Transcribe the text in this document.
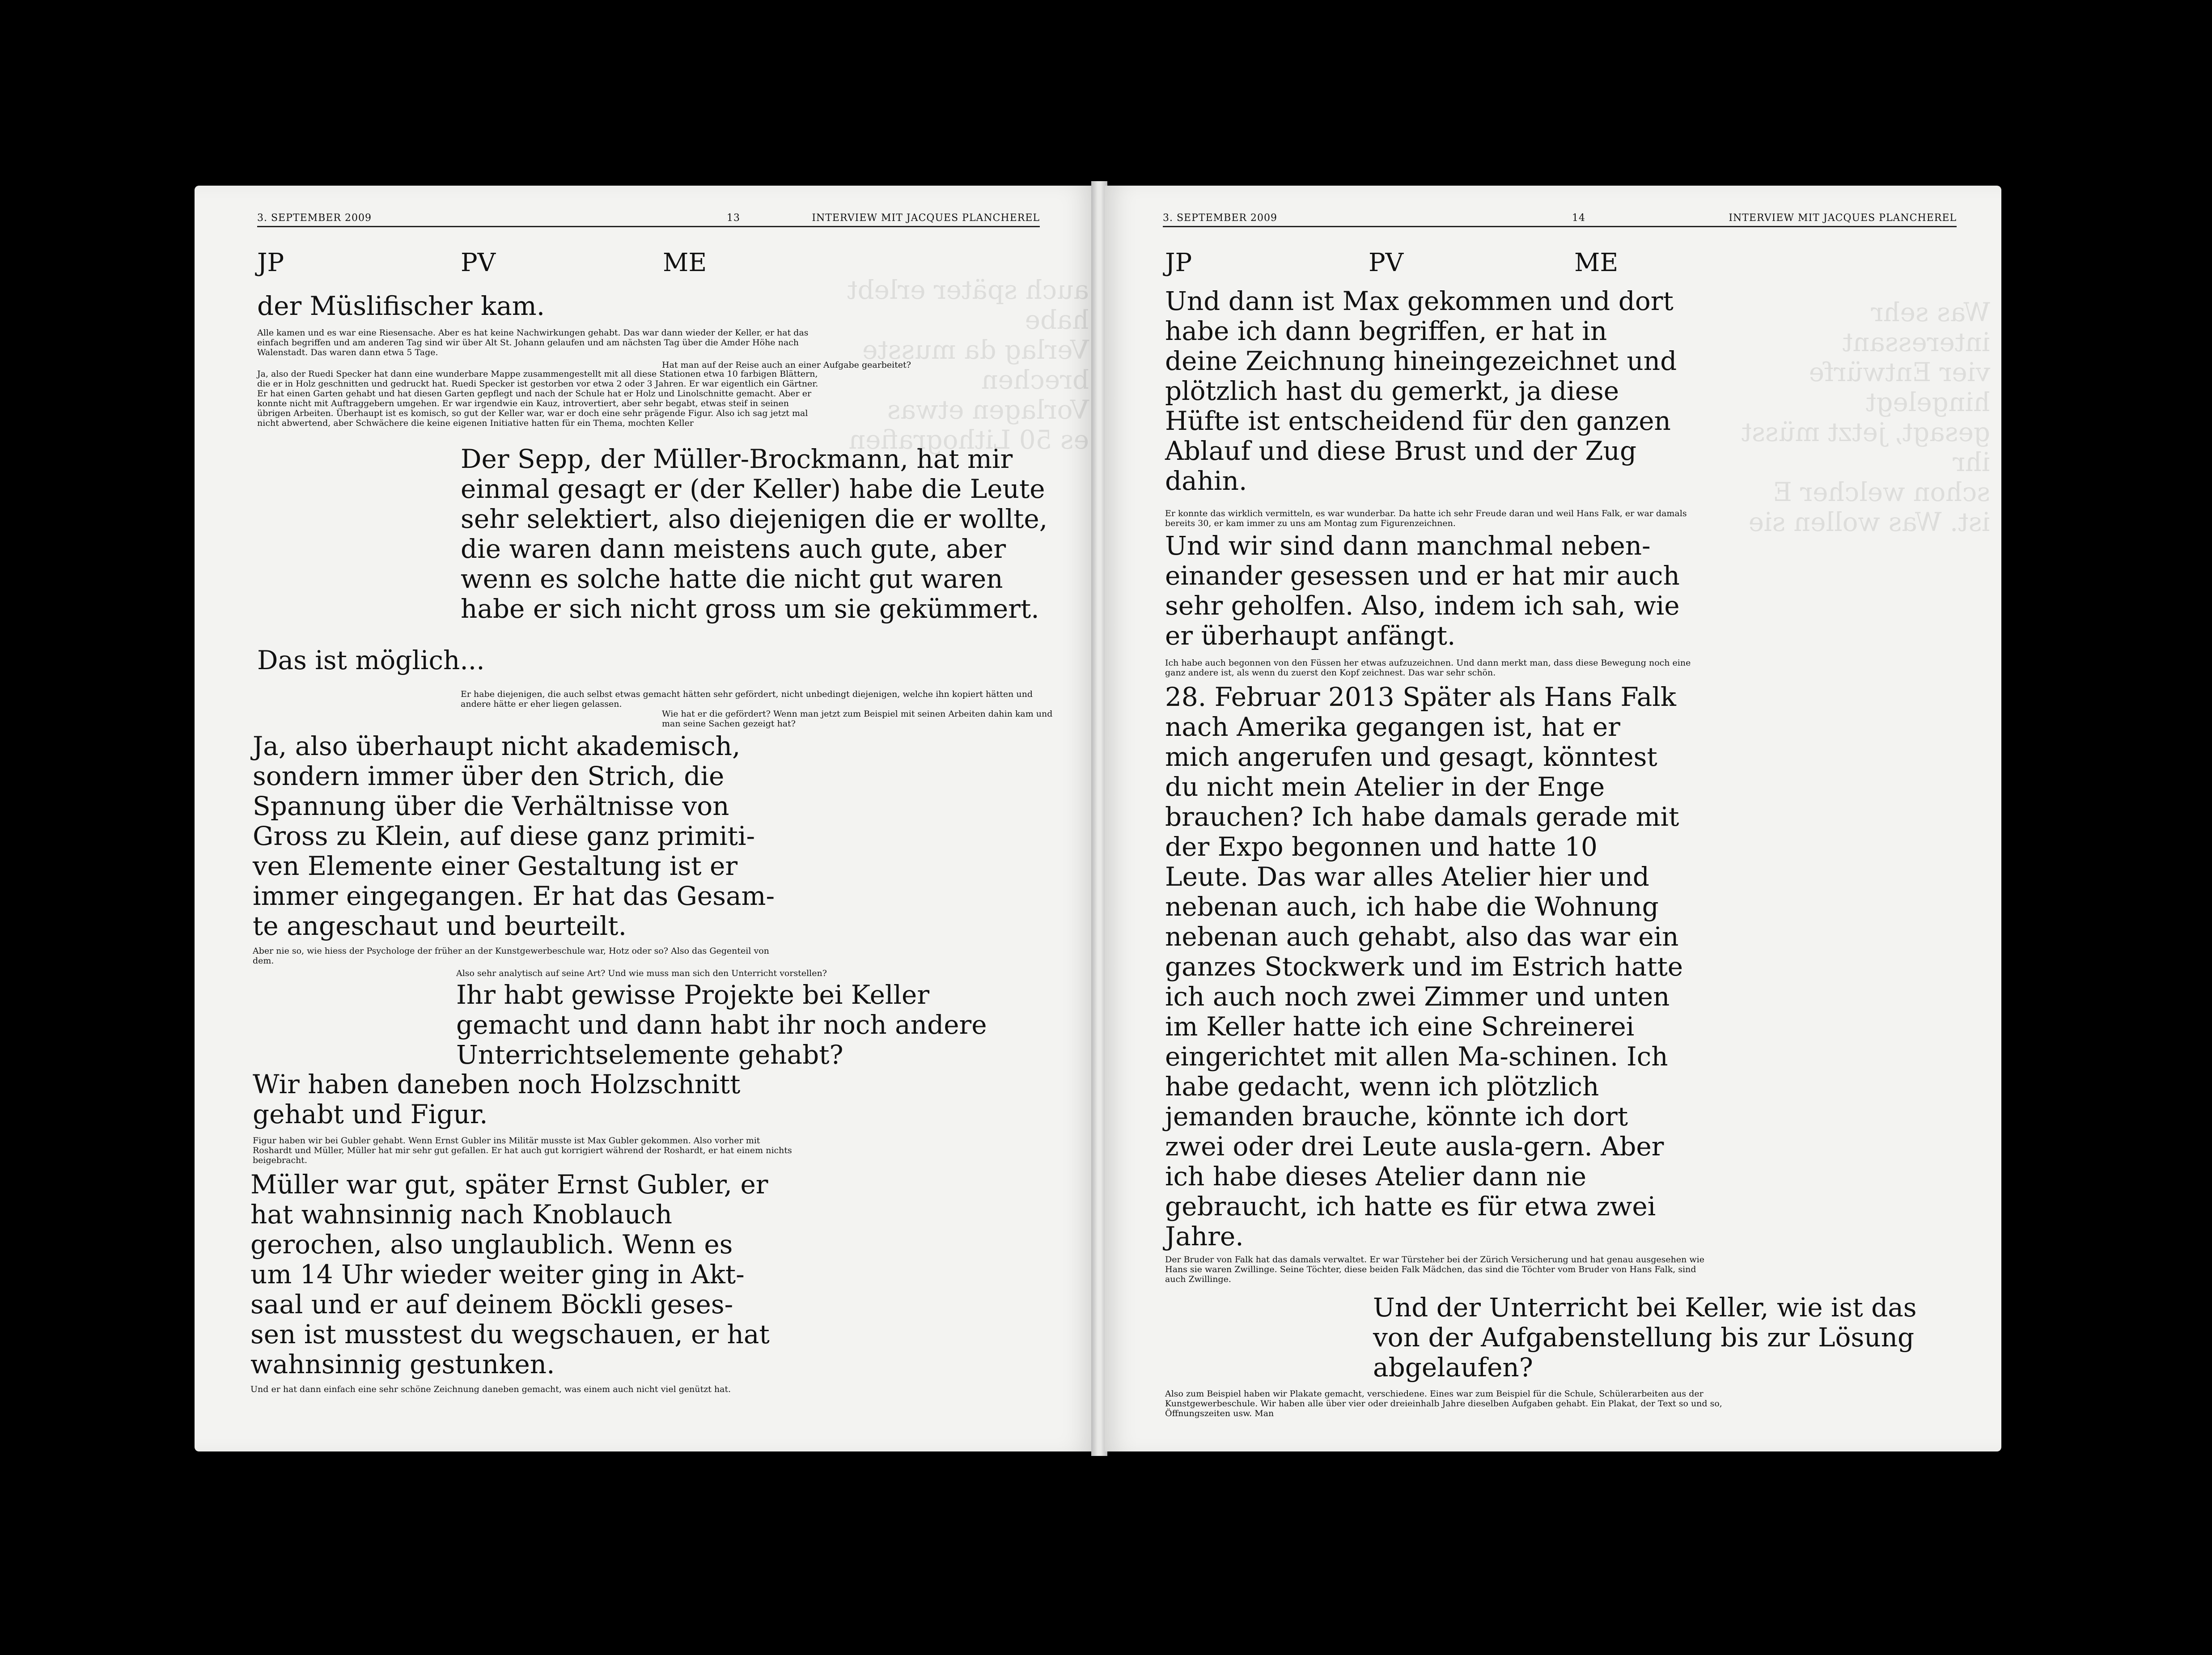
auch später erlebt habe
Verlag da musste
brechen
Vorlagen etwas
es 50 Lithografien

3. SEPTEMBER 2009	13	INTERVIEW MIT JACQUES PLANCHEREL
JP	PV	ME

der Müslifischer kam.

Alle kamen und es war eine Riesensache. Aber es hat keine Nachwirkungen gehabt. Das war dann wieder der Keller, er hat das einfach begriffen und am anderen Tag sind wir über Alt St. Johann gelaufen und am nächsten Tag über die Amder Höhe nach Walenstadt. Das waren dann etwa 5 Tage.

Hat man auf der Reise auch an einer Aufgabe gearbeitet?

Ja, also der Ruedi Specker hat dann eine wunderbare Mappe zusammengestellt mit all diese Stationen etwa 10 farbigen Blättern, die er in Holz geschnitten und gedruckt hat. Ruedi Specker ist gestorben vor etwa 2 oder 3 Jahren. Er war eigentlich ein Gärtner. Er hat einen Garten gehabt und hat diesen Garten gepflegt und nach der Schule hat er Holz und Linolschnitte gemacht. Aber er konnte nicht mit Auftraggebern umgehen. Er war irgendwie ein Kauz, introvertiert, aber sehr begabt, etwas steif in seinen übrigen Arbeiten. Überhaupt ist es komisch, so gut der Keller war, war er doch eine sehr prägende Figur. Also ich sag jetzt mal nicht abwertend, aber Schwächere die keine eigenen Initiative hatten für ein Thema, mochten Keller

Der Sepp, der Müller-Brockmann, hat mir einmal gesagt er (der Keller) habe die Leute sehr selektiert, also diejenigen die er wollte, die waren dann meistens auch gute, aber wenn es solche hatte die nicht gut waren habe er sich nicht gross um sie gekümmert.

Das ist möglich...

Er habe diejenigen, die auch selbst etwas gemacht hätten sehr gefördert, nicht unbedingt diejenigen, welche ihn kopiert hätten und andere hätte er eher liegen gelassen.

Wie hat er die gefördert? Wenn man jetzt zum Beispiel mit seinen Arbeiten dahin kam und man seine Sachen gezeigt hat?

Ja, also überhaupt nicht akademisch, sondern immer über den Strich, die Spannung über die Verhältnisse von Gross zu Klein, auf diese ganz primiti-ven Elemente einer Gestaltung ist er immer eingegangen. Er hat das Gesam-te angeschaut und beurteilt.

Aber nie so, wie hiess der Psychologe der früher an der Kunstgewerbeschule war, Hotz oder so? Also das Gegenteil von dem.

Also sehr analytisch auf seine Art? Und wie muss man sich den Unterricht vorstellen?

Ihr habt gewisse Projekte bei Keller gemacht und dann habt ihr noch andere Unterrichtselemente gehabt?

Wir haben daneben noch Holzschnitt gehabt und Figur.

Figur haben wir bei Gubler gehabt. Wenn Ernst Gubler ins Militär musste ist Max Gubler gekommen. Also vorher mit Roshardt und Müller, Müller hat mir sehr gut gefallen. Er hat auch gut korrigiert während der Roshardt, er hat einem nichts beigebracht.

Müller war gut, später Ernst Gubler, er hat wahnsinnig nach Knoblauch gerochen, also unglaublich. Wenn es um 14 Uhr wieder weiter ging in Akt-saal und er auf deinem Böckli geses-sen ist musstest du wegschauen, er hat wahnsinnig gestunken.

Und er hat dann einfach eine sehr schöne Zeichnung daneben gemacht, was einem auch nicht viel genützt hat.

Was sehr interessant
vier Entwürfe hingelegt
gesagt, jetzt müsst ihr
schon welcher E
ist. Was wollen sie

3. SEPTEMBER 2009	14	INTERVIEW MIT JACQUES PLANCHEREL
JP	PV	ME

Und dann ist Max gekommen und dort habe ich dann begriffen, er hat in deine Zeichnung hineingezeichnet und plötzlich hast du gemerkt, ja diese Hüfte ist entscheidend für den ganzen Ablauf und diese Brust und der Zug dahin.

Er konnte das wirklich vermitteln, es war wunderbar. Da hatte ich sehr Freude daran und weil Hans Falk, er war damals bereits 30, er kam immer zu uns am Montag zum Figurenzeichnen.

Und wir sind dann manchmal neben-einander gesessen und er hat mir auch sehr geholfen. Also, indem ich sah, wie er überhaupt anfängt.

Ich habe auch begonnen von den Füssen her etwas aufzuzeichnen. Und dann merkt man, dass diese Bewegung noch eine ganz andere ist, als wenn du zuerst den Kopf zeichnest. Das war sehr schön.

28. Februar 2013 Später als Hans Falk nach Amerika gegangen ist, hat er mich angerufen und gesagt, könntest du nicht mein Atelier in der Enge brauchen? Ich habe damals gerade mit der Expo begonnen und hatte 10 Leute. Das war alles Atelier hier und nebenan auch, ich habe die Wohnung nebenan auch gehabt, also das war ein ganzes Stockwerk und im Estrich hatte ich auch noch zwei Zimmer und unten im Keller hatte ich eine Schreinerei eingerichtet mit allen Ma-schinen. Ich habe gedacht, wenn ich plötzlich jemanden brauche, könnte ich dort zwei oder drei Leute ausla-gern. Aber ich habe dieses Atelier dann nie gebraucht, ich hatte es für etwa zwei Jahre.

Der Bruder von Falk hat das damals verwaltet. Er war Türsteher bei der Zürich Versicherung und hat genau ausgesehen wie Hans sie waren Zwillinge. Seine Töchter, diese beiden Falk Mädchen, das sind die Töchter vom Bruder von Hans Falk, sind auch Zwillinge.

Und der Unterricht bei Keller, wie ist das von der Aufgabenstellung bis zur Lösung abgelaufen?

Also zum Beispiel haben wir Plakate gemacht, verschiedene. Eines war zum Beispiel für die Schule, Schülerarbeiten aus der Kunstgewerbeschule. Wir haben alle über vier oder dreieinhalb Jahre dieselben Aufgaben gehabt. Ein Plakat, der Text so und so, Öffnungszeiten usw. Man
